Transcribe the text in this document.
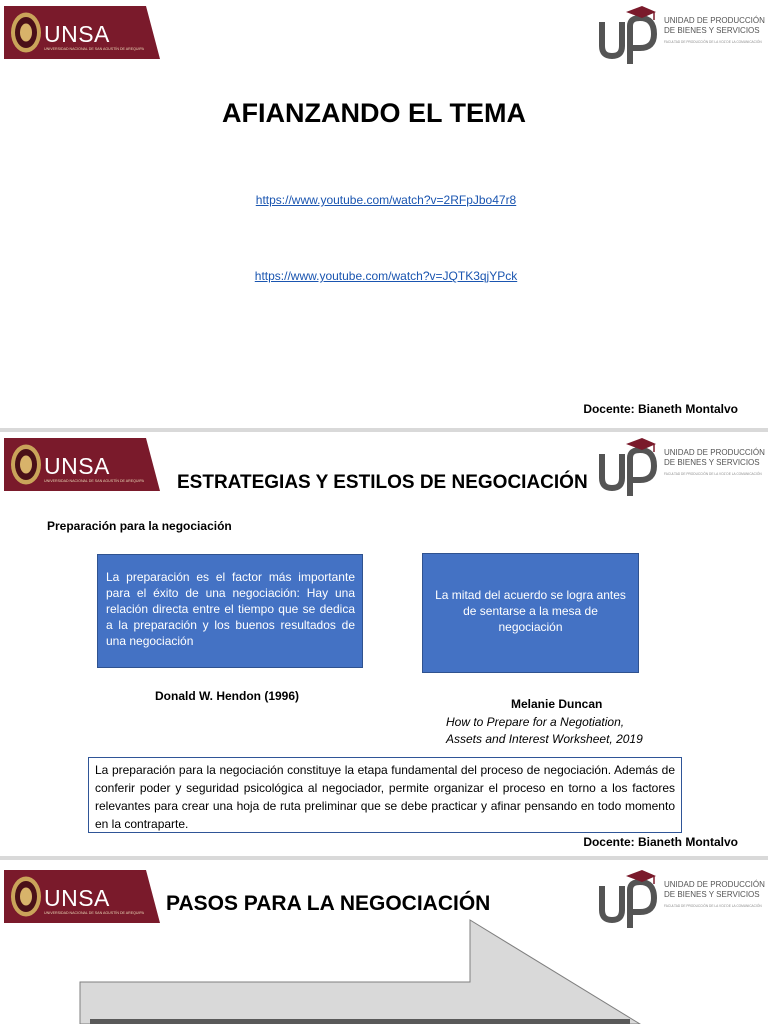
UNSA
UNIVERSIDAD NACIONAL DE SAN AGUSTÍN DE AREQUIPA
UNIDAD DE PRODUCCIÓN
DE BIENES Y SERVICIOS
FACULTAD DE PRODUCCIÓN DE LA VOZ DE LA COMUNICACIÓN
AFIANZANDO EL TEMA
https://www.youtube.com/watch?v=2RFpJbo47r8
https://www.youtube.com/watch?v=JQTK3qjYPck
Docente: Bianeth Montalvo
UNSA
UNIVERSIDAD NACIONAL DE SAN AGUSTÍN DE AREQUIPA
UNIDAD DE PRODUCCIÓN
DE BIENES Y SERVICIOS
FACULTAD DE PRODUCCIÓN DE LA VOZ DE LA COMUNICACIÓN
ESTRATEGIAS Y ESTILOS DE NEGOCIACIÓN
Preparación para la negociación
La preparación es el factor más importante para el éxito de una negociación: Hay una relación directa entre el tiempo que se dedica a la preparación y los buenos resultados de una negociación
La mitad del acuerdo se logra antes de sentarse a la mesa de negociación
Donald W. Hendon (1996)
Melanie Duncan
How to Prepare for a Negotiation,
Assets and Interest Worksheet, 2019
La preparación para la negociación constituye la etapa fundamental del proceso de negociación. Además de conferir poder y seguridad psicológica al negociador, permite organizar el proceso en torno a los factores relevantes para crear una hoja de ruta preliminar que se debe practicar y afinar pensando en todo momento en la contraparte.
Docente: Bianeth Montalvo
UNSA
UNIVERSIDAD NACIONAL DE SAN AGUSTÍN DE AREQUIPA
UNIDAD DE PRODUCCIÓN
DE BIENES Y SERVICIOS
FACULTAD DE PRODUCCIÓN DE LA VOZ DE LA COMUNICACIÓN
PASOS PARA LA NEGOCIACIÓN
